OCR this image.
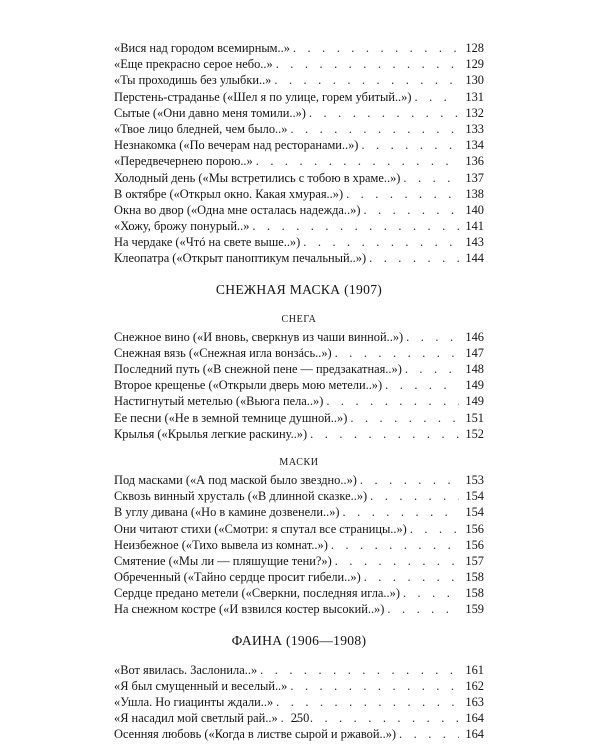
«Вися над городом всемирным..» . . .	128
«Еще прекрасно серое небо..» . . .	129
«Ты проходишь без улыбки..» . . .	130
Перстень-страданье («Шел я по улице, горем убитый..») . . .	131
Сытые («Они давно меня томили..») . . .	132
«Твое лицо бледней, чем было..» . . .	133
Незнакомка («По вечерам над ресторанами..») . . .	134
«Передвечернею порою..» . . .	136
Холодный день («Мы встретились с тобою в храме..») . . .	137
В октябре («Открыл окно. Какая хмурая..») . . .	138
Окна во двор («Одна мне осталась надежда..») . . .	140
«Хожу, брожу понурый..» . . .	141
На чердаке («Чтó на свете выше..») . . .	143
Клеопатра («Открыт паноптикум печальный..») . . .	144
СНЕЖНАЯ МАСКА (1907)
СНЕГА
Снежное вино («И вновь, сверкнув из чаши винной..») . . .	146
Снежная вязь («Снежная игла вонзáсь..») . . .	147
Последний путь («В снежной пене — предзакатная..») . . .	148
Второе крещенье («Открыли дверь мою метели..») . . .	149
Настигнутый метелью («Вьюга пела..») . . .	149
Ее песни («Не в земной темнице душной..») . . .	151
Крылья («Крылья легкие раскину..») . . .	152
МАСКИ
Под масками («А под маской было звездно..») . . .	153
Сквозь винный хрусталь («В длинной сказке..») . . .	154
В углу дивана («Но в камине дозвенели..») . . .	154
Они читают стихи («Смотри: я спутал все страницы..») . . .	156
Неизбежное («Тихо вывела из комнат..») . . .	156
Смятение («Мы ли — пляшущие тени?») . . .	157
Обреченный («Тайно сердце просит гибели..») . . .	158
Сердце предано метели («Сверкни, последняя игла..») . . .	158
На снежном костре («И взвился костер высокий..») . . .	159
ФАИНА (1906—1908)
«Вот явилась. Заслонила..» . . .	161
«Я был смущенный и веселый..» . . .	162
«Ушла. Но гиацинты ждали..» . . .	163
«Я насадил мой светлый рай..» . . .	164
Осенняя любовь («Когда в листве сырой и ржавой..») . . .	164
250
